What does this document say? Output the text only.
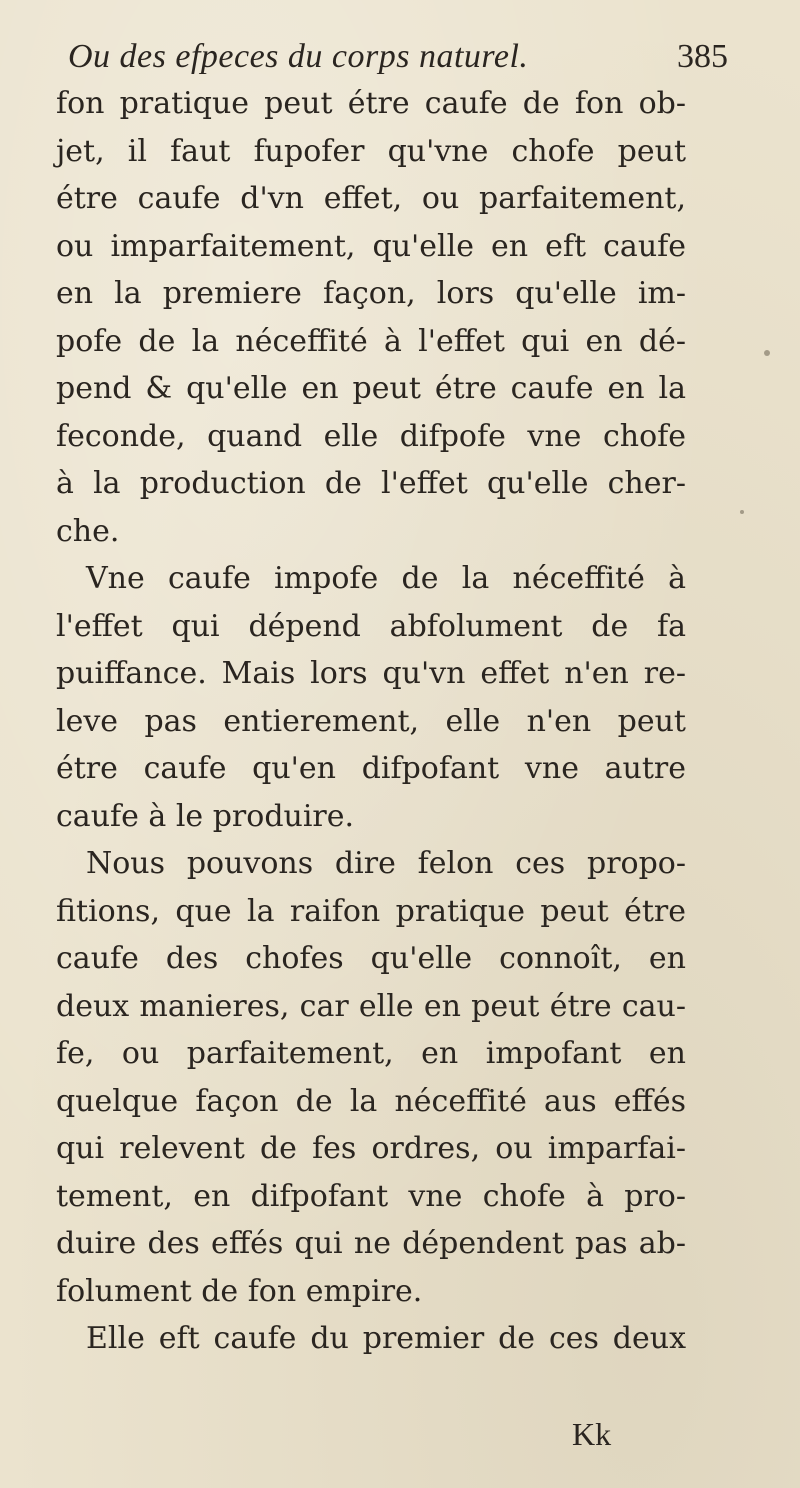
Ou des efpeces du corps naturel.	385
fon pratique peut étre caufe de fon ob-
jet, il faut fupofer qu'vne chofe peut
étre caufe d'vn effet, ou parfaitement,
ou imparfaitement, qu'elle en eft caufe
en la premiere façon, lors qu'elle im-
pofe de la néceffité à l'effet qui en dé-
pend & qu'elle en peut étre caufe en la
feconde, quand elle difpofe vne chofe
à la production de l'effet qu'elle cher-
che.
Vne caufe impofe de la néceffité à
l'effet qui dépend abfolument de fa
puiffance. Mais lors qu'vn effet n'en re-
leve pas entierement, elle n'en peut
étre caufe qu'en difpofant vne autre
caufe à le produire.
Nous pouvons dire felon ces propo-
fitions, que la raifon pratique peut étre
caufe des chofes qu'elle connoît, en
deux manieres, car elle en peut étre cau-
fe, ou parfaitement, en impofant en
quelque façon de la néceffité aus effés
qui relevent de fes ordres, ou imparfai-
tement, en difpofant vne chofe à pro-
duire des effés qui ne dépendent pas ab-
folument de fon empire.
Elle eft caufe du premier de ces deux
Kk
